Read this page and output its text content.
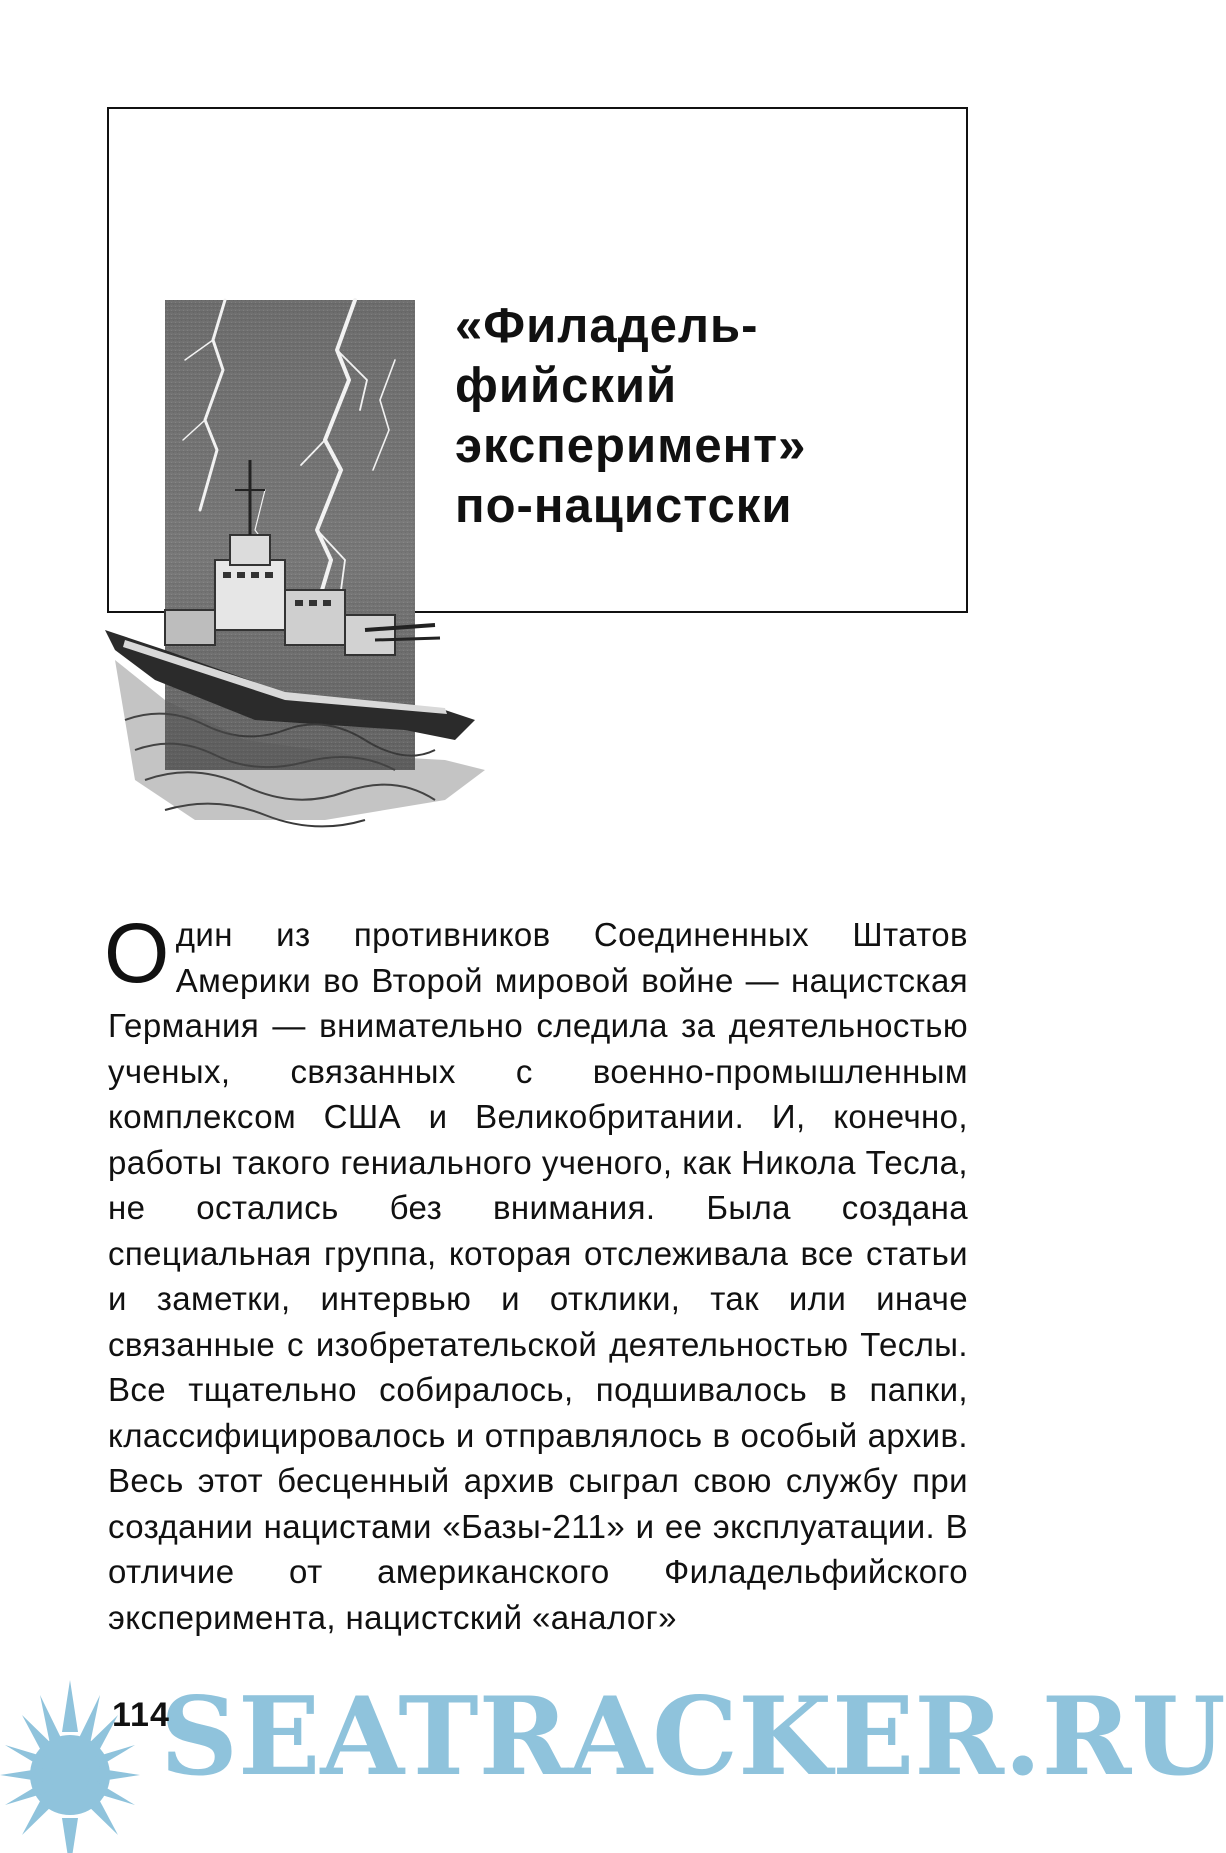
«Филадель-
фийский
эксперимент»
по-нацистски

Один из противников Соединенных Штатов Америки во Второй мировой войне — нацистская Германия — внимательно следила за деятельностью ученых, связанных с военно-промышленным комплексом США и Великобритании. И, конечно, работы такого гениального ученого, как Никола Тесла, не остались без внимания. Была создана специальная группа, которая отслеживала все статьи и заметки, интервью и отклики, так или иначе связанные с изобретательской деятельностью Теслы. Все тщательно собиралось, подшивалось в папки, классифицировалось и отправлялось в особый архив. Весь этот бесценный архив сыграл свою службу при создании нацистами «Базы-211» и ее эксплуатации. В отличие от американского Филадельфийского эксперимента, нацистский «аналог»

SEATRACKER.RU
114
